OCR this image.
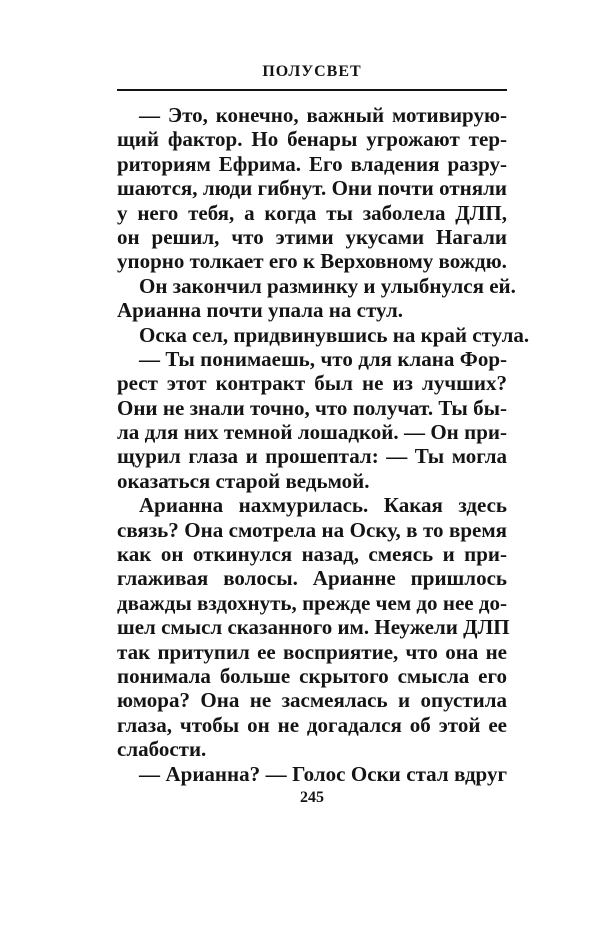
ПОЛУСВЕТ
— Это, конечно, важный мотивирую-
щий фактор. Но бенары угрожают тер-
риториям Ефрима. Его владения разру-
шаются, люди гибнут. Они почти отняли
у него тебя, а когда ты заболела ДЛП,
он решил, что этими укусами Нагали
упорно толкает его к Верховному вождю.
Он закончил разминку и улыбнулся ей.
Арианна почти упала на стул.
Оска сел, придвинувшись на край стула.
— Ты понимаешь, что для клана Фор-
рест этот контракт был не из лучших?
Они не знали точно, что получат. Ты бы-
ла для них темной лошадкой. — Он при-
щурил глаза и прошептал: — Ты могла
оказаться старой ведьмой.
Арианна нахмурилась. Какая здесь
связь? Она смотрела на Оску, в то время
как он откинулся назад, смеясь и при-
глаживая волосы. Арианне пришлось
дважды вздохнуть, прежде чем до нее до-
шел смысл сказанного им. Неужели ДЛП
так притупил ее восприятие, что она не
понимала больше скрытого смысла его
юмора? Она не засмеялась и опустила
глаза, чтобы он не догадался об этой ее
слабости.
— Арианна? — Голос Оски стал вдруг
245
